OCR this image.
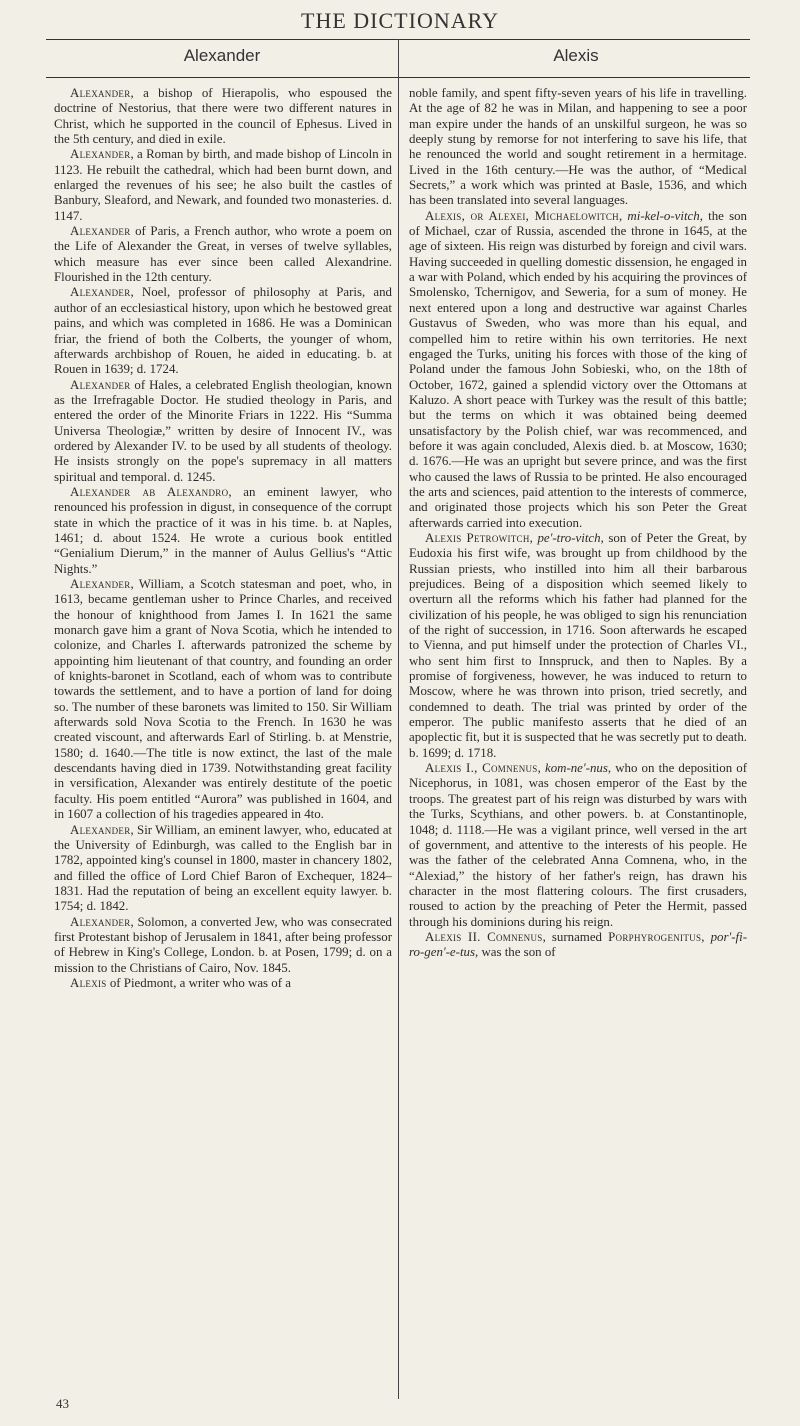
THE DICTIONARY
Alexander	Alexis

Alexander, a bishop of Hierapolis, who espoused the doctrine of Nestorius, that there were two different natures in Christ, which he supported in the council of Ephesus. Lived in the 5th century, and died in exile.

Alexander, a Roman by birth, and made bishop of Lincoln in 1123. He rebuilt the cathedral, which had been burnt down, and enlarged the revenues of his see; he also built the castles of Banbury, Sleaford, and Newark, and founded two monasteries. d. 1147.

Alexander of Paris, a French author, who wrote a poem on the Life of Alexander the Great, in verses of twelve syllables, which measure has ever since been called Alexandrine. Flourished in the 12th century.

Alexander, Noel, professor of philosophy at Paris, and author of an ecclesiastical history, upon which he bestowed great pains, and which was completed in 1686. He was a Dominican friar, the friend of both the Colberts, the younger of whom, afterwards archbishop of Rouen, he aided in educating. b. at Rouen in 1639; d. 1724.

Alexander of Hales, a celebrated English theologian, known as the Irrefragable Doctor. He studied theology in Paris, and entered the order of the Minorite Friars in 1222. His “Summa Universa Theologiæ,” written by desire of Innocent IV., was ordered by Alexander IV. to be used by all students of theology. He insists strongly on the pope's supremacy in all matters spiritual and temporal. d. 1245.

Alexander ab Alexandro, an eminent lawyer, who renounced his profession in digust, in consequence of the corrupt state in which the practice of it was in his time. b. at Naples, 1461; d. about 1524. He wrote a curious book entitled “Genialium Dierum,” in the manner of Aulus Gellius's “Attic Nights.”

Alexander, William, a Scotch statesman and poet, who, in 1613, became gentleman usher to Prince Charles, and received the honour of knighthood from James I. In 1621 the same monarch gave him a grant of Nova Scotia, which he intended to colonize, and Charles I. afterwards patronized the scheme by appointing him lieutenant of that country, and founding an order of knights-baronet in Scotland, each of whom was to contribute towards the settlement, and to have a portion of land for doing so. The number of these baronets was limited to 150. Sir William afterwards sold Nova Scotia to the French. In 1630 he was created viscount, and afterwards Earl of Stirling. b. at Menstrie, 1580; d. 1640.—The title is now extinct, the last of the male descendants having died in 1739. Notwithstanding great facility in versification, Alexander was entirely destitute of the poetic faculty. His poem entitled “Aurora” was published in 1604, and in 1607 a collection of his tragedies appeared in 4to.

Alexander, Sir William, an eminent lawyer, who, educated at the University of Edinburgh, was called to the English bar in 1782, appointed king's counsel in 1800, master in chancery 1802, and filled the office of Lord Chief Baron of Exchequer, 1824–1831. Had the reputation of being an excellent equity lawyer. b. 1754; d. 1842.

Alexander, Solomon, a converted Jew, who was consecrated first Protestant bishop of Jerusalem in 1841, after being professor of Hebrew in King's College, London. b. at Posen, 1799; d. on a mission to the Christians of Cairo, Nov. 1845.

Alexis of Piedmont, a writer who was of a

noble family, and spent fifty-seven years of his life in travelling. At the age of 82 he was in Milan, and happening to see a poor man expire under the hands of an unskilful surgeon, he was so deeply stung by remorse for not interfering to save his life, that he renounced the world and sought retirement in a hermitage. Lived in the 16th century.—He was the author, of “Medical Secrets,” a work which was printed at Basle, 1536, and which has been translated into several languages.

Alexis, or Alexei, Michaelowitch, mi-kel-o-vitch, the son of Michael, czar of Russia, ascended the throne in 1645, at the age of sixteen. His reign was disturbed by foreign and civil wars. Having succeeded in quelling domestic dissension, he engaged in a war with Poland, which ended by his acquiring the provinces of Smolensko, Tchernigov, and Seweria, for a sum of money. He next entered upon a long and destructive war against Charles Gustavus of Sweden, who was more than his equal, and compelled him to retire within his own territories. He next engaged the Turks, uniting his forces with those of the king of Poland under the famous John Sobieski, who, on the 18th of October, 1672, gained a splendid victory over the Ottomans at Kaluzo. A short peace with Turkey was the result of this battle; but the terms on which it was obtained being deemed unsatisfactory by the Polish chief, war was recommenced, and before it was again concluded, Alexis died. b. at Moscow, 1630; d. 1676.—He was an upright but severe prince, and was the first who caused the laws of Russia to be printed. He also encouraged the arts and sciences, paid attention to the interests of commerce, and originated those projects which his son Peter the Great afterwards carried into execution.

Alexis Petrowitch, pe'-tro-vitch, son of Peter the Great, by Eudoxia his first wife, was brought up from childhood by the Russian priests, who instilled into him all their barbarous prejudices. Being of a disposition which seemed likely to overturn all the reforms which his father had planned for the civilization of his people, he was obliged to sign his renunciation of the right of succession, in 1716. Soon afterwards he escaped to Vienna, and put himself under the protection of Charles VI., who sent him first to Innspruck, and then to Naples. By a promise of forgiveness, however, he was induced to return to Moscow, where he was thrown into prison, tried secretly, and condemned to death. The trial was printed by order of the emperor. The public manifesto asserts that he died of an apoplectic fit, but it is suspected that he was secretly put to death. b. 1699; d. 1718.

Alexis I., Comnenus, kom-ne'-nus, who on the deposition of Nicephorus, in 1081, was chosen emperor of the East by the troops. The greatest part of his reign was disturbed by wars with the Turks, Scythians, and other powers. b. at Constantinople, 1048; d. 1118.—He was a vigilant prince, well versed in the art of government, and attentive to the interests of his people. He was the father of the celebrated Anna Comnena, who, in the “Alexiad,” the history of her father's reign, has drawn his character in the most flattering colours. The first crusaders, roused to action by the preaching of Peter the Hermit, passed through his dominions during his reign.

Alexis II. Comnenus, surnamed Porphyrogenitus, por'-fi-ro-gen'-e-tus, was the son of

43
